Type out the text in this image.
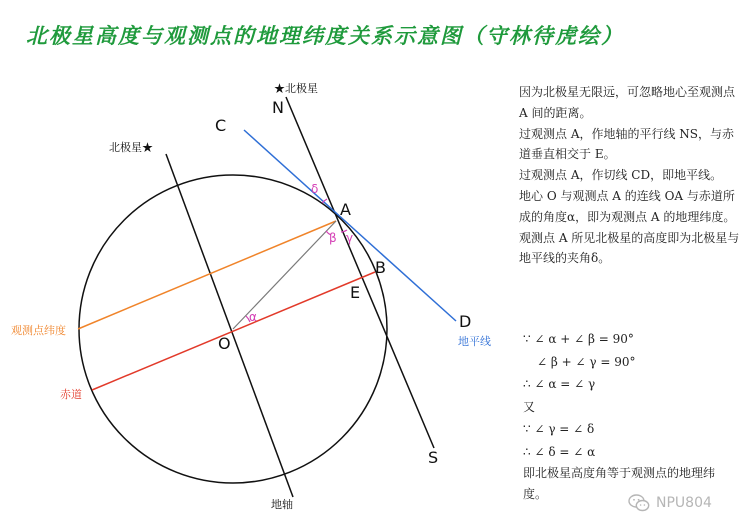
北极星高度与观测点的地理纬度关系示意图（守林待虎绘）
★北极星
北极星★
N
C
A
B
E
O
D
S
δ
β γ
α
观测点纬度
赤道
地平线
地轴

因为北极星无限远，可忽略地心至观测点 A 间的距离。

过观测点 A，作地轴的平行线 NS，与赤道垂直相交于 E。

过观测点 A，作切线 CD，即地平线。

地心 O 与观测点 A 的连线 OA 与赤道所成的角度α，即为观测点 A 的地理纬度。

观测点 A 所见北极星的高度即为北极星与地平线的夹角δ。

∵ ∠ α + ∠ β = 90°
∠ β + ∠ γ = 90°
∴ ∠ α = ∠ γ
又
∵ ∠ γ = ∠ δ
∴ ∠ δ = ∠ α
即北极星高度角等于观测点的地理纬度。
NPU804
